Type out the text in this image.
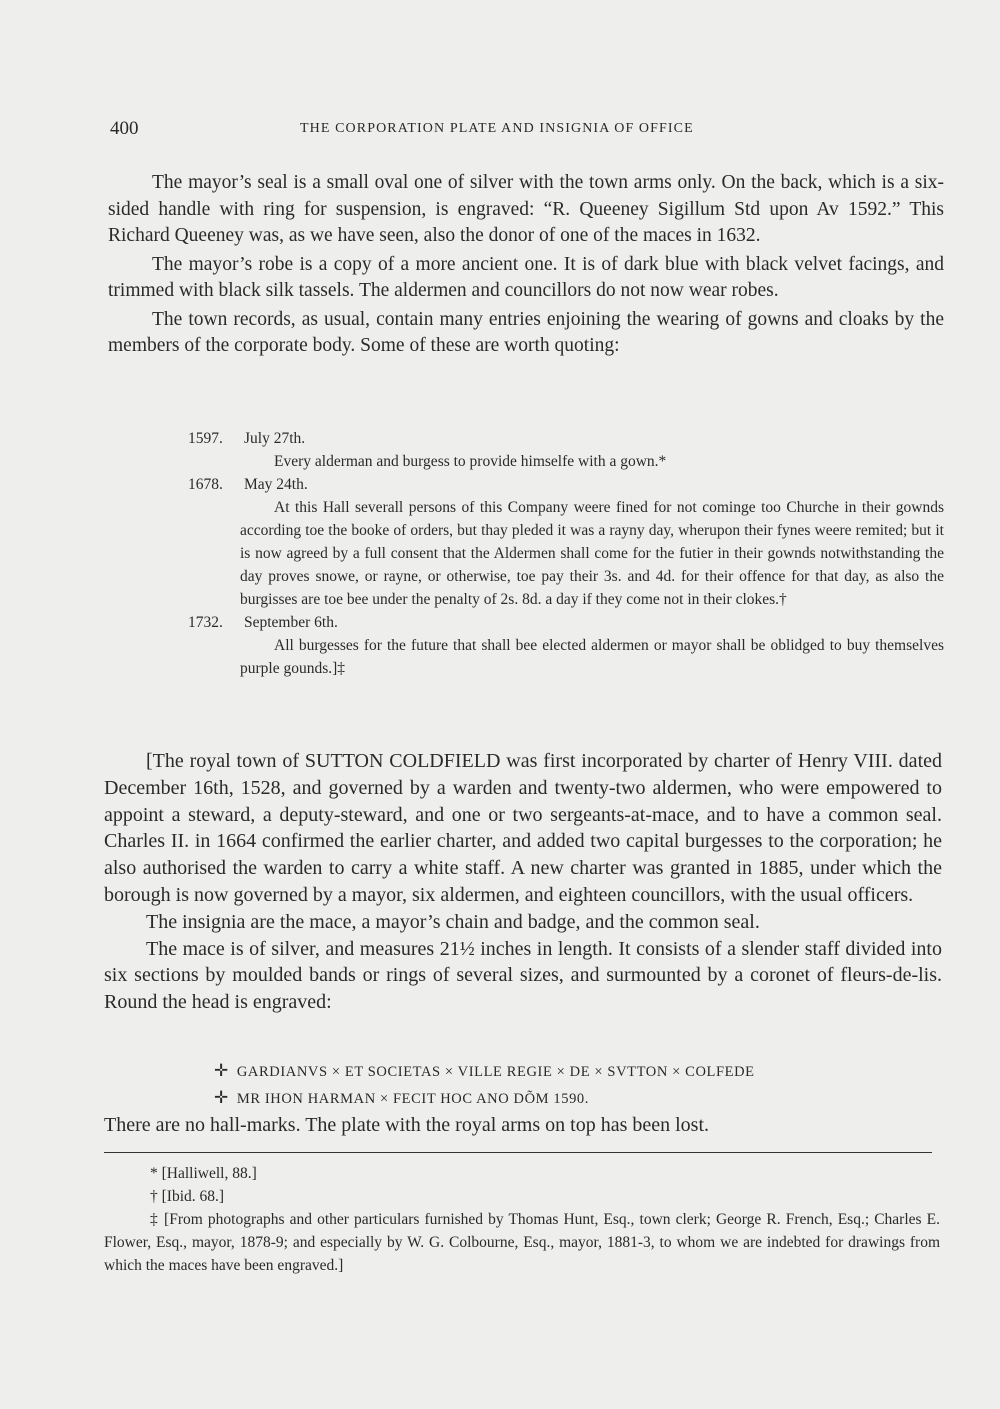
400	THE CORPORATION PLATE AND INSIGNIA OF OFFICE

The mayor’s seal is a small oval one of silver with the town arms only. On the back, which is a six-sided handle with ring for suspension, is engraved: “R. Queeney Sigillum Std upon Av 1592.” This Richard Queeney was, as we have seen, also the donor of one of the maces in 1632.

The mayor’s robe is a copy of a more ancient one. It is of dark blue with black velvet facings, and trimmed with black silk tassels. The aldermen and councillors do not now wear robes.

The town records, as usual, contain many entries enjoining the wearing of gowns and cloaks by the members of the corporate body. Some of these are worth quoting:

1597. July 27th.

Every alderman and burgess to provide himselfe with a gown.*

1678. May 24th.

At this Hall severall persons of this Company weere fined for not cominge too Churche in their gownds according toe the booke of orders, but thay pleded it was a rayny day, wherupon their fynes weere remited; but it is now agreed by a full consent that the Aldermen shall come for the futier in their gownds notwithstanding the day proves snowe, or rayne, or otherwise, toe pay their 3s. and 4d. for their offence for that day, as also the burgisses are toe bee under the penalty of 2s. 8d. a day if they come not in their clokes.†

1732. September 6th.

All burgesses for the future that shall bee elected aldermen or mayor shall be oblidged to buy themselves purple gounds.]‡

[The royal town of SUTTON COLDFIELD was first incorporated by charter of Henry VIII. dated December 16th, 1528, and governed by a warden and twenty-two aldermen, who were empowered to appoint a steward, a deputy-steward, and one or two sergeants-at-mace, and to have a common seal. Charles II. in 1664 confirmed the earlier charter, and added two capital burgesses to the corporation; he also authorised the warden to carry a white staff. A new charter was granted in 1885, under which the borough is now governed by a mayor, six aldermen, and eighteen councillors, with the usual officers.

The insignia are the mace, a mayor’s chain and badge, and the common seal.

The mace is of silver, and measures 21½ inches in length. It consists of a slender staff divided into six sections by moulded bands or rings of several sizes, and surmounted by a coronet of fleurs-de-lis. Round the head is engraved:

✛ GARDIANVS × ET SOCIETAS × VILLE REGIE × DE × SVTTON × COLFEDE
✛ MR IHON HARMAN × FECIT HOC ANO DÕM 1590.
There are no hall-marks. The plate with the royal arms on top has been lost.

* [Halliwell, 88.]

† [Ibid. 68.]

‡ [From photographs and other particulars furnished by Thomas Hunt, Esq., town clerk; George R. French, Esq.; Charles E. Flower, Esq., mayor, 1878-9; and especially by W. G. Colbourne, Esq., mayor, 1881-3, to whom we are indebted for drawings from which the maces have been engraved.]
